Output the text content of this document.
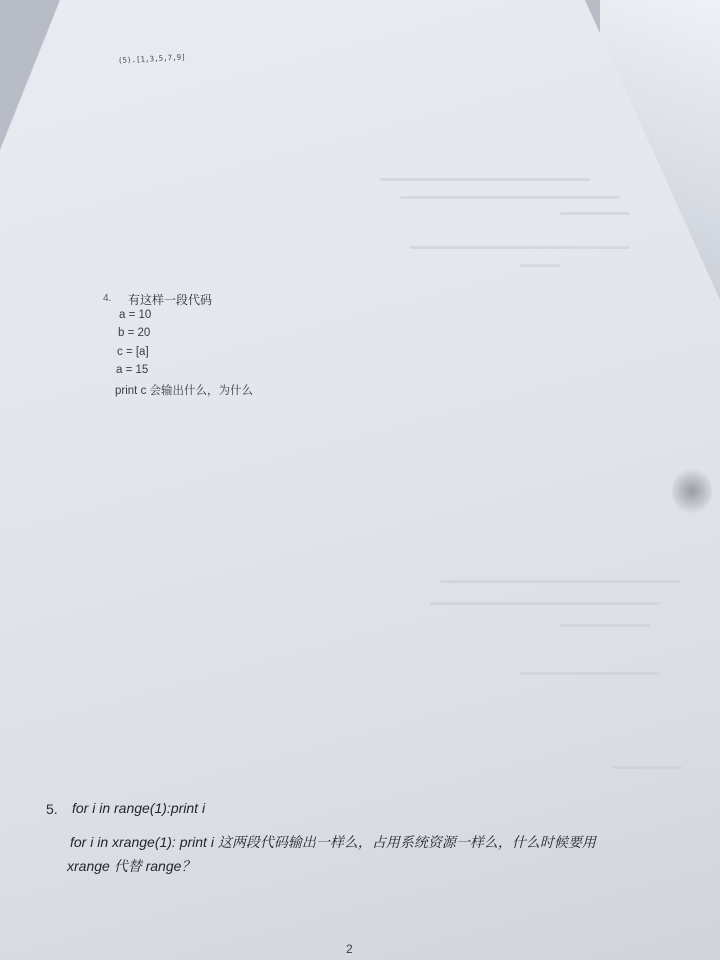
(5).[1,3,5,7,9]
4. 有这样一段代码
a = 10
b = 20
c = [a]
a = 15
print c 会输出什么，为什么
5. for i in range(1):print i
for i in xrange(1): print i 这两段代码输出一样么，占用系统资源一样么，什么时候要用
xrange 代替 range？
2
